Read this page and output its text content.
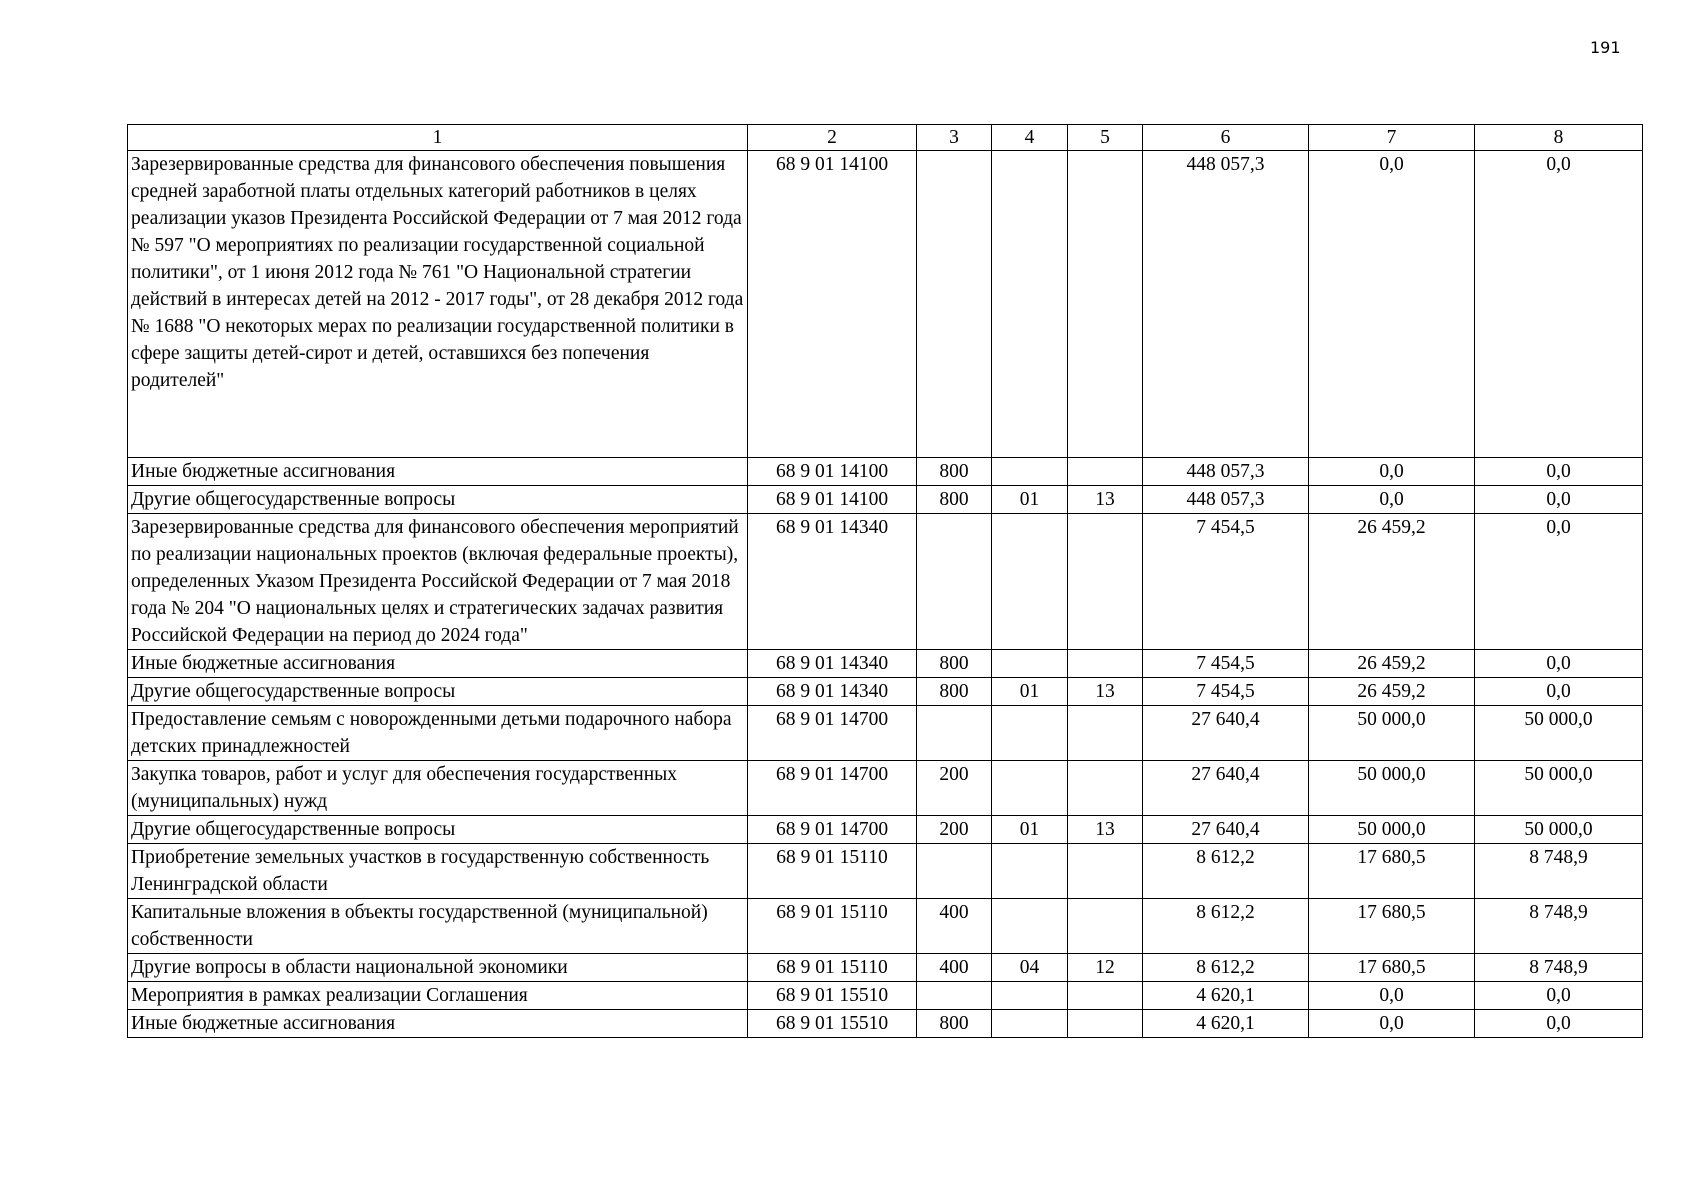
191
1	2	3	4	5	6	7	8
Зарезервированные средства для финансового обеспечения повышения средней заработной платы отдельных категорий работников в целях реализации указов Президента Российской Федерации от 7 мая 2012 года № 597 "О мероприятиях по реализации государственной социальной политики", от 1 июня 2012 года № 761 "О Национальной стратегии действий в интересах детей на 2012 - 2017 годы", от 28 декабря 2012 года № 1688 "О некоторых мерах по реализации государственной политики в сфере защиты детей-сирот и детей, оставшихся без попечения родителей"	68 9 01 14100				448 057,3	0,0	0,0
Иные бюджетные ассигнования	68 9 01 14100	800			448 057,3	0,0	0,0
Другие общегосударственные вопросы	68 9 01 14100	800	01	13	448 057,3	0,0	0,0
Зарезервированные средства для финансового обеспечения мероприятий по реализации национальных проектов (включая федеральные проекты), определенных Указом Президента Российской Федерации от 7 мая 2018 года № 204 "О национальных целях и стратегических задачах развития Российской Федерации на период до 2024 года"	68 9 01 14340				7 454,5	26 459,2	0,0
Иные бюджетные ассигнования	68 9 01 14340	800			7 454,5	26 459,2	0,0
Другие общегосударственные вопросы	68 9 01 14340	800	01	13	7 454,5	26 459,2	0,0
Предоставление семьям с новорожденными детьми подарочного набора детских принадлежностей	68 9 01 14700				27 640,4	50 000,0	50 000,0
Закупка товаров, работ и услуг для обеспечения государственных (муниципальных) нужд	68 9 01 14700	200			27 640,4	50 000,0	50 000,0
Другие общегосударственные вопросы	68 9 01 14700	200	01	13	27 640,4	50 000,0	50 000,0
Приобретение земельных участков в государственную собственность Ленинградской области	68 9 01 15110				8 612,2	17 680,5	8 748,9
Капитальные вложения в объекты государственной (муниципальной) собственности	68 9 01 15110	400			8 612,2	17 680,5	8 748,9
Другие вопросы в области национальной экономики	68 9 01 15110	400	04	12	8 612,2	17 680,5	8 748,9
Мероприятия в рамках реализации Соглашения	68 9 01 15510				4 620,1	0,0	0,0
Иные бюджетные ассигнования	68 9 01 15510	800			4 620,1	0,0	0,0
